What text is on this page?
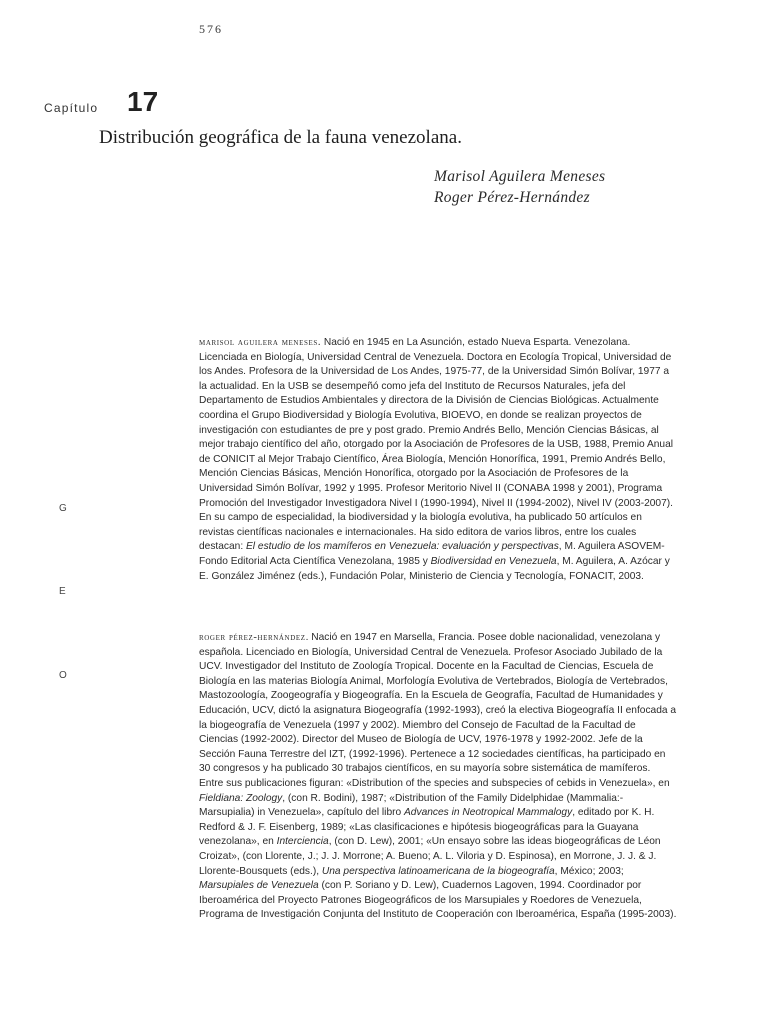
576
Capítulo 17
Distribución geográfica de la fauna venezolana.
Marisol Aguilera Meneses
Roger Pérez-Hernández
G
E
O
marisol aguilera meneses. Nació en 1945 en La Asunción, estado Nueva Esparta. Venezolana. Licenciada en Biología, Universidad Central de Venezuela. Doctora en Ecología Tropical, Universidad de los Andes. Profesora de la Universidad de Los Andes, 1975-77, de la Universidad Simón Bolívar, 1977 a la actualidad. En la USB se desempeñó como jefa del Instituto de Recursos Naturales, jefa del Departamento de Estudios Ambientales y directora de la División de Ciencias Biológicas. Actualmente coordina el Grupo Biodiversidad y Biología Evolutiva, BIOEVO, en donde se realizan proyectos de investigación con estudiantes de pre y post grado. Premio Andrés Bello, Mención Ciencias Básicas, al mejor trabajo científico del año, otorgado por la Asociación de Profesores de la USB, 1988, Premio Anual de CONICIT al Mejor Trabajo Científico, Área Biología, Mención Honorífica, 1991, Premio Andrés Bello, Mención Ciencias Básicas, Mención Honorífica, otorgado por la Asociación de Profesores de la Universidad Simón Bolívar, 1992 y 1995. Profesor Meritorio Nivel II (CONABA 1998 y 2001), Programa Promoción del Investigador Investigadora Nivel I (1990-1994), Nivel II (1994-2002), Nivel IV (2003-2007). En su campo de especialidad, la biodiversidad y la biología evolutiva, ha publicado 50 artículos en revistas científicas nacionales e internacionales. Ha sido editora de varios libros, entre los cuales destacan: El estudio de los mamíferos en Venezuela: evaluación y perspectivas, M. Aguilera ASOVEM-Fondo Editorial Acta Científica Venezolana, 1985 y Biodiversidad en Venezuela, M. Aguilera, A. Azócar y E. González Jiménez (eds.), Fundación Polar, Ministerio de Ciencia y Tecnología, FONACIT, 2003.
roger pérez-hernández. Nació en 1947 en Marsella, Francia. Posee doble nacionalidad, venezolana y española. Licenciado en Biología, Universidad Central de Venezuela. Profesor Asociado Jubilado de la UCV. Investigador del Instituto de Zoología Tropical. Docente en la Facultad de Ciencias, Escuela de Biología en las materias Biología Animal, Morfología Evolutiva de Vertebrados, Biología de Vertebrados, Mastozoología, Zoogeografía y Biogeografía. En la Escuela de Geografía, Facultad de Humanidades y Educación, UCV, dictó la asignatura Biogeografía (1992-1993), creó la electiva Biogeografía II enfocada a la biogeografía de Venezuela (1997 y 2002). Miembro del Consejo de Facultad de la Facultad de Ciencias (1992-2002). Director del Museo de Biología de UCV, 1976-1978 y 1992-2002. Jefe de la Sección Fauna Terrestre del IZT, (1992-1996). Pertenece a 12 sociedades científicas, ha participado en 30 congresos y ha publicado 30 trabajos científicos, en su mayoría sobre sistemática de mamíferos. Entre sus publicaciones figuran: «Distribution of the species and subspecies of cebids in Venezuela», en Fieldiana: Zoology, (con R. Bodini), 1987; «Distribution of the Family Didelphidae (Mammalia:-Marsupialia) in Venezuela», capítulo del libro Advances in Neotropical Mammalogy, editado por K. H. Redford & J. F. Eisenberg, 1989; «Las clasificaciones e hipótesis biogeográficas para la Guayana venezolana», en Interciencia, (con D. Lew), 2001; «Un ensayo sobre las ideas biogeográficas de Léon Croizat», (con Llorente, J.; J. J. Morrone; A. Bueno; A. L. Viloria y D. Espinosa), en Morrone, J. J. & J. Llorente-Bousquets (eds.), Una perspectiva latinoamericana de la biogeografía, México; 2003; Marsupiales de Venezuela (con P. Soriano y D. Lew), Cuadernos Lagoven, 1994. Coordinador por Iberoamérica del Proyecto Patrones Biogeográficos de los Marsupiales y Roedores de Venezuela, Programa de Investigación Conjunta del Instituto de Cooperación con Iberoamérica, España (1995-2003).
